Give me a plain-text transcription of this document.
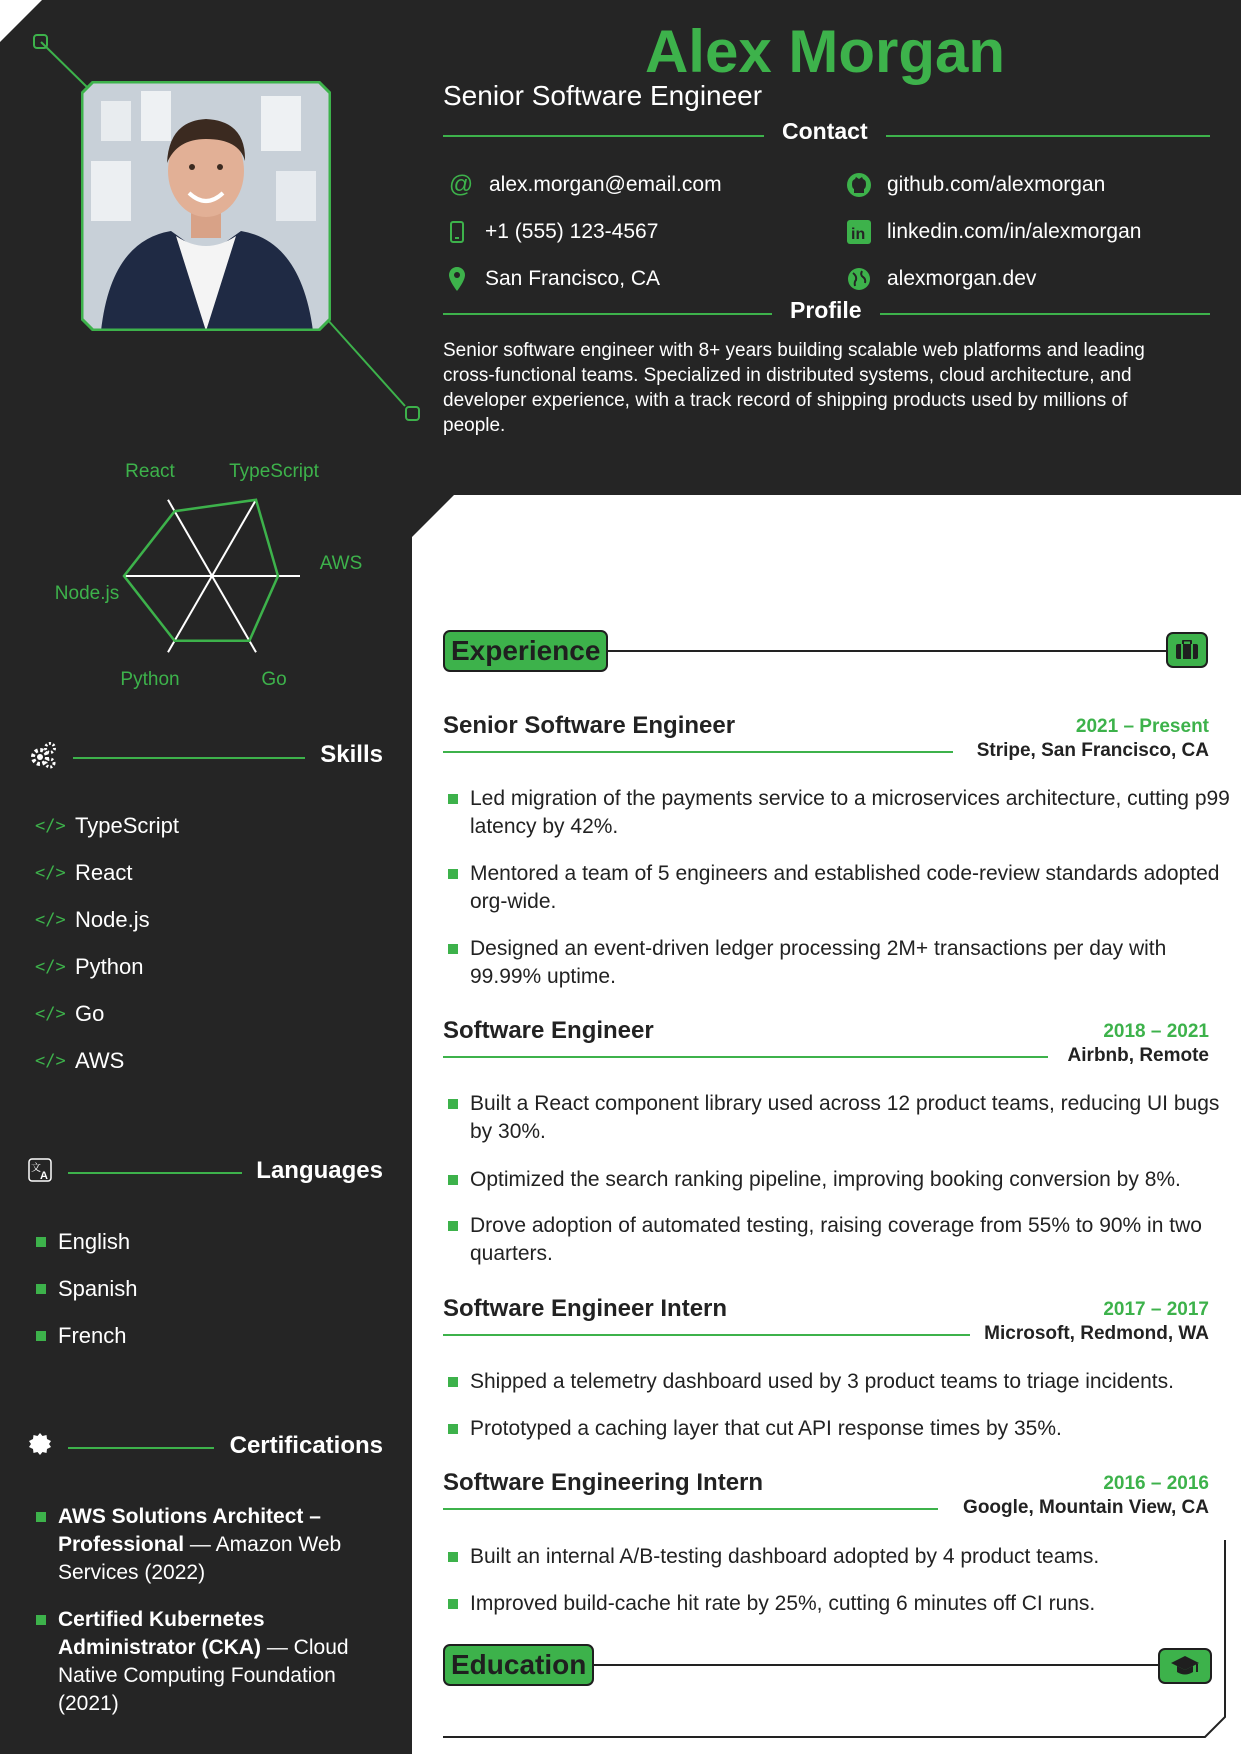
Alex Morgan
Senior Software Engineer
Contact
@ alex.morgan@email.com
+1 (555) 123-4567
San Francisco, CA
github.com/alexmorgan
in linkedin.com/in/alexmorgan
alexmorgan.dev
Profile
Senior software engineer with 8+ years building scalable web platforms and leading cross-functional teams. Specialized in distributed systems, cloud architecture, and developer experience, with a track record of shipping products used by millions of people.
TypeScript
AWS
Go
Python
Node.js
React
Skills
</> TypeScript
</> React
</> Node.js
</> Python
</> Go
</> AWS
文
A	Languages
English
Spanish
French
Certifications
AWS Solutions Architect – Professional — Amazon Web Services (2022)
Certified Kubernetes Administrator (CKA) — Cloud Native Computing Foundation (2021)
Experience
Senior Software Engineer	2021 – Present
Stripe, San Francisco, CA
Led migration of the payments service to a microservices architecture, cutting p99 latency by 42%.
Mentored a team of 5 engineers and established code-review standards adopted org-wide.
Designed an event-driven ledger processing 2M+ transactions per day with 99.99% uptime.
Software Engineer	2018 – 2021
Airbnb, Remote
Built a React component library used across 12 product teams, reducing UI bugs by 30%.
Optimized the search ranking pipeline, improving booking conversion by 8%.
Drove adoption of automated testing, raising coverage from 55% to 90% in two quarters.
Software Engineer Intern	2017 – 2017
Microsoft, Redmond, WA
Shipped a telemetry dashboard used by 3 product teams to triage incidents.
Prototyped a caching layer that cut API response times by 35%.
Software Engineering Intern	2016 – 2016
Google, Mountain View, CA
Built an internal A/B-testing dashboard adopted by 4 product teams.
Improved build-cache hit rate by 25%, cutting 6 minutes off CI runs.
Education
